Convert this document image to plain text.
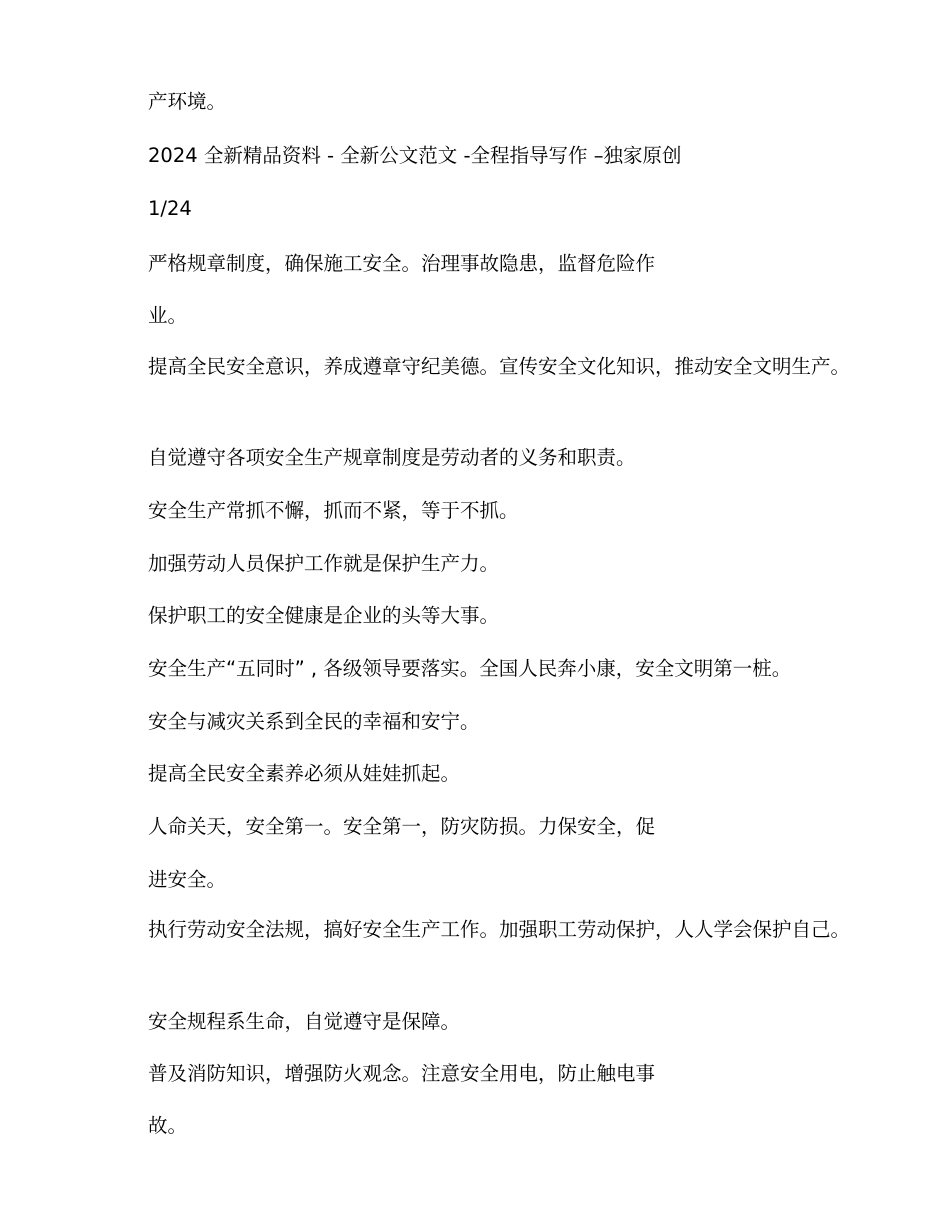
产环境。

2024 全新精品资料 - 全新公文范文 -全程指导写作 –独家原创

1/24

严格规章制度，确保施工安全。治理事故隐患，监督危险作

业。

提高全民安全意识，养成遵章守纪美德。宣传安全文化知识，推动安全文明生产。

自觉遵守各项安全生产规章制度是劳动者的义务和职责。

安全生产常抓不懈，抓而不紧，等于不抓。

加强劳动人员保护工作就是保护生产力。

保护职工的安全健康是企业的头等大事。

安全生产“五同时” , 各级领导要落实。全国人民奔小康，安全文明第一桩。

安全与减灾关系到全民的幸福和安宁。

提高全民安全素养必须从娃娃抓起。

人命关天，安全第一。安全第一，防灾防损。力保安全，促

进安全。

执行劳动安全法规，搞好安全生产工作。加强职工劳动保护，人人学会保护自己。

安全规程系生命，自觉遵守是保障。

普及消防知识，增强防火观念。注意安全用电，防止触电事

故。
